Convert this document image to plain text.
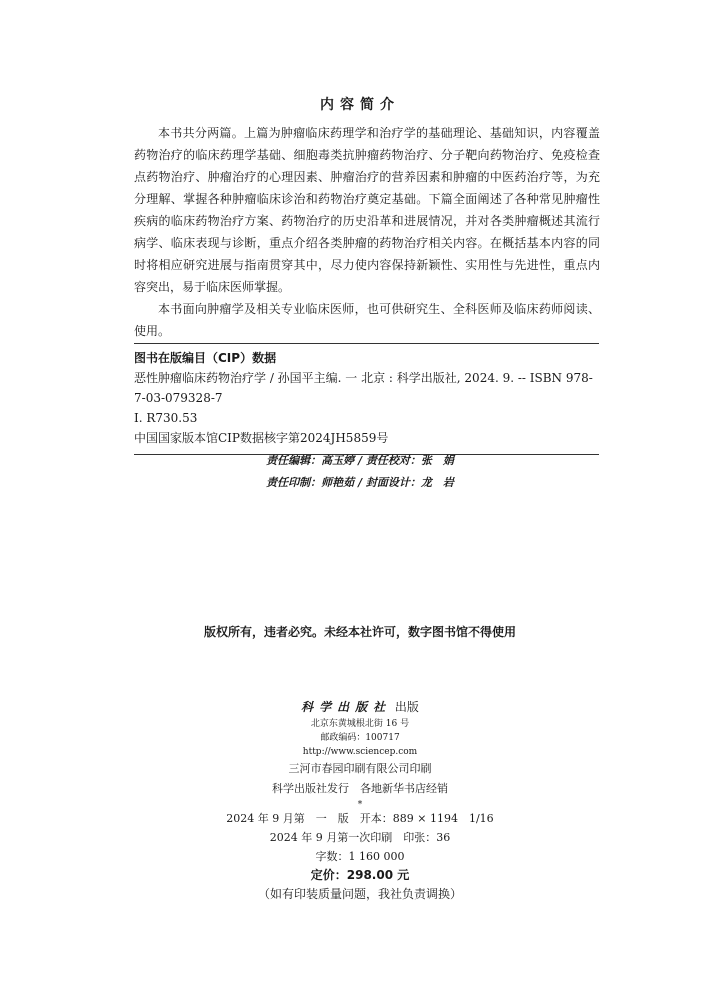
内容简介

本书共分两篇。上篇为肿瘤临床药理学和治疗学的基础理论、基础知识，内容覆盖药物治疗的临床药理学基础、细胞毒类抗肿瘤药物治疗、分子靶向药物治疗、免疫检查点药物治疗、肿瘤治疗的心理因素、肿瘤治疗的营养因素和肿瘤的中医药治疗等，为充分理解、掌握各种肿瘤临床诊治和药物治疗奠定基础。下篇全面阐述了各种常见肿瘤性疾病的临床药物治疗方案、药物治疗的历史沿革和进展情况，并对各类肿瘤概述其流行病学、临床表现与诊断，重点介绍各类肿瘤的药物治疗相关内容。在概括基本内容的同时将相应研究进展与指南贯穿其中，尽力使内容保持新颖性、实用性与先进性，重点内容突出，易于临床医师掌握。

本书面向肿瘤学及相关专业临床医师，也可供研究生、全科医师及临床药师阅读、使用。

图书在版编目（CIP）数据
恶性肿瘤临床药物治疗学 / 孙国平主编. 一 北京 : 科学出版社, 2024. 9. -- ISBN 978-7-03-079328-7
Ⅰ. R730.53
中国国家版本馆CIP数据核字第2024JH5859号
责任编辑：高玉婷 / 责任校对：张　娟
责任印制：师艳茹 / 封面设计：龙　岩
版权所有，违者必究。未经本社许可，数字图书馆不得使用
科学出版社 出版
北京东黄城根北街 16 号
邮政编码：100717
http://www.sciencep.com
三河市春园印刷有限公司印刷
科学出版社发行　各地新华书店经销
*
2024 年 9 月第　一　版　开本：889 × 1194　1/16
2024 年 9 月第一次印刷　印张：36
字数：1 160 000
定价：298.00 元
（如有印装质量问题，我社负责调换）
